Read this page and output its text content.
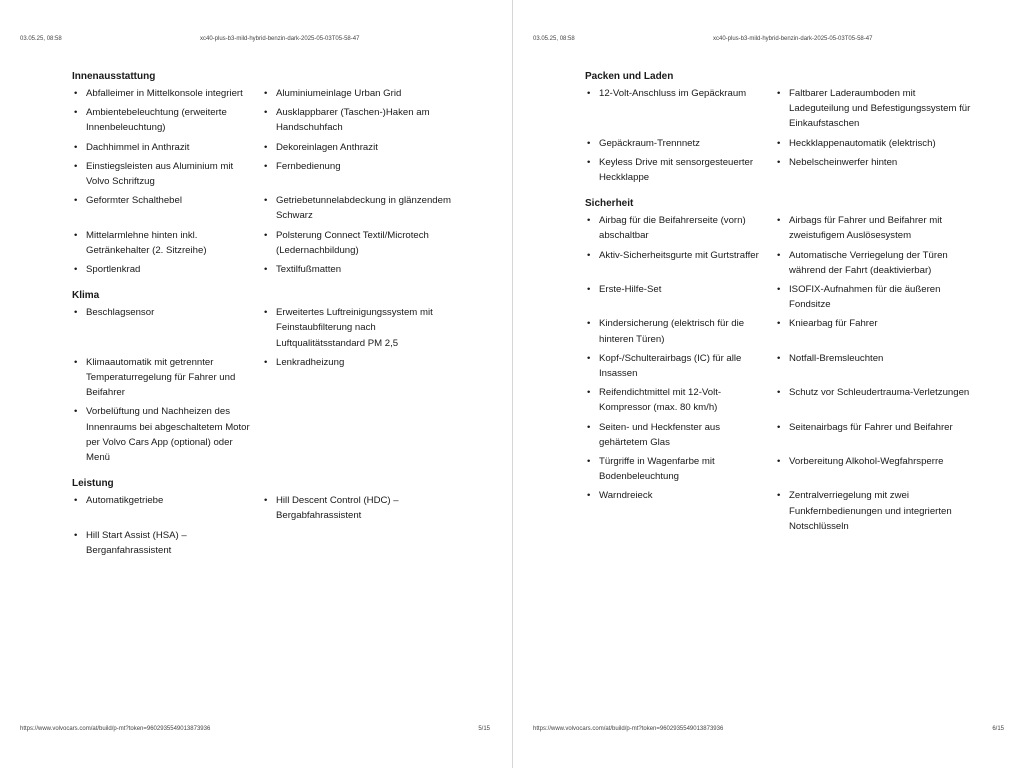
03.05.25, 08:58	xc40-plus-b3-mild-hybrid-benzin-dark-2025-05-03T05-58-47
Innenausstattung
• Abfalleimer in Mittelkonsole integriert	• Aluminiumeinlage Urban Grid
• Ambientebeleuchtung (erweiterte Innenbeleuchtung)
• Ausklappbarer (Taschen-)Haken am Handschuhfach
• Dachhimmel in Anthrazit	• Dekoreinlagen Anthrazit
• Einstiegsleisten aus Aluminium mit Volvo Schriftzug
• Fernbedienung
• Geformter Schalthebel	• Getriebetunnelabdeckung in glänzendem Schwarz
• Mittelarmlehne hinten inkl. Getränkehalter (2. Sitzreihe)
• Polsterung Connect Textil/Microtech (Ledernachbildung)
• Sportlenkrad	• Textilfußmatten
Klima
• Beschlagsensor	• Erweitertes Luftreinigungssystem mit Feinstaubfilterung nach Luftqualitätsstandard PM 2,5
• Klimaautomatik mit getrennter Temperaturregelung für Fahrer und Beifahrer
• Lenkradheizung
• Vorbelüftung und Nachheizen des Innenraums bei abgeschaltetem Motor per Volvo Cars App (optional) oder Menü
Leistung
• Automatikgetriebe	• Hill Descent Control (HDC) – Bergabfahrassistent
• Hill Start Assist (HSA) – Berganfahrassistent
https://www.volvocars.com/at/build/p-mt?token=9602935549013873936	5/15
03.05.25, 08:58	xc40-plus-b3-mild-hybrid-benzin-dark-2025-05-03T05-58-47
Packen und Laden
• 12-Volt-Anschluss im Gepäckraum	• Faltbarer Laderaumboden mit Ladeguteilung und Befestigungssystem für Einkaufstaschen
• Gepäckraum-Trennnetz	• Heckklappenautomatik (elektrisch)
• Keyless Drive mit sensorgesteuerter Heckklappe
• Nebelscheinwerfer hinten
Sicherheit
• Airbag für die Beifahrerseite (vorn) abschaltbar
• Airbags für Fahrer und Beifahrer mit zweistufigem Auslösesystem
• Aktiv-Sicherheitsgurte mit Gurtstraffer	• Automatische Verriegelung der Türen während der Fahrt (deaktivierbar)
• Erste-Hilfe-Set	• ISOFIX-Aufnahmen für die äußeren Fondsitze
• Kindersicherung (elektrisch für die hinteren Türen)
• Kniearbag für Fahrer
• Kopf-/Schulterairbags (IC) für alle Insassen
• Notfall-Bremsleuchten
• Reifendichtmittel mit 12-Volt-Kompressor (max. 80 km/h)
• Schutz vor Schleudertrauma-Verletzungen
• Seiten- und Heckfenster aus gehärtetem Glas
• Seitenairbags für Fahrer und Beifahrer
• Türgriffe in Wagenfarbe mit Bodenbeleuchtung
• Vorbereitung Alkohol-Wegfahrsperre
• Warndreieck	• Zentralverriegelung mit zwei Funkfernbedienungen und integrierten Notschlüsseln
https://www.volvocars.com/at/build/p-mt?token=9602935549013873936	6/15
